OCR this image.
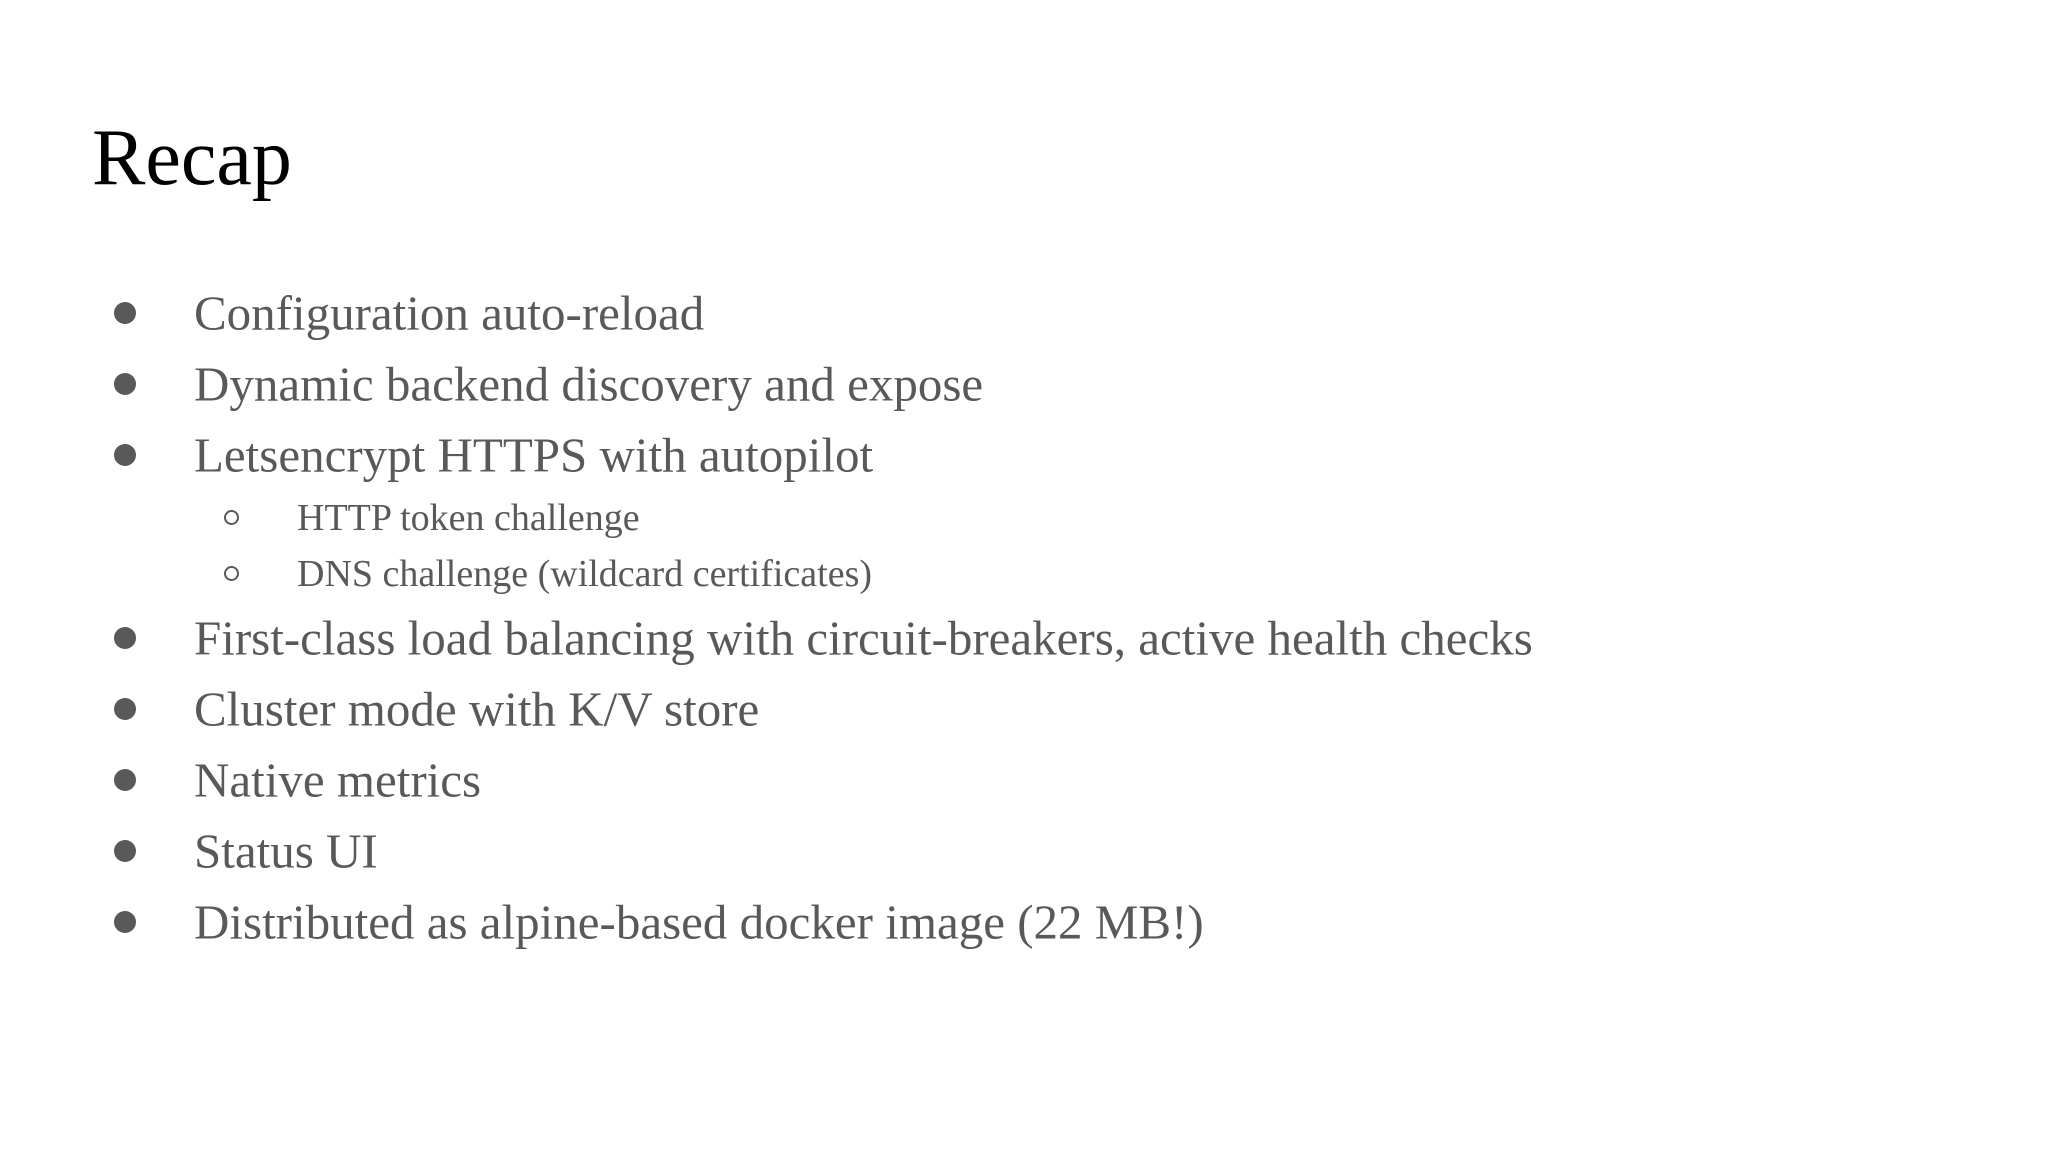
Recap
Configuration auto-reload
Dynamic backend discovery and expose
Letsencrypt HTTPS with autopilot
HTTP token challenge
DNS challenge (wildcard certificates)
First-class load balancing with circuit-breakers, active health checks
Cluster mode with K/V store
Native metrics
Status UI
Distributed as alpine-based docker image (22 MB!)
